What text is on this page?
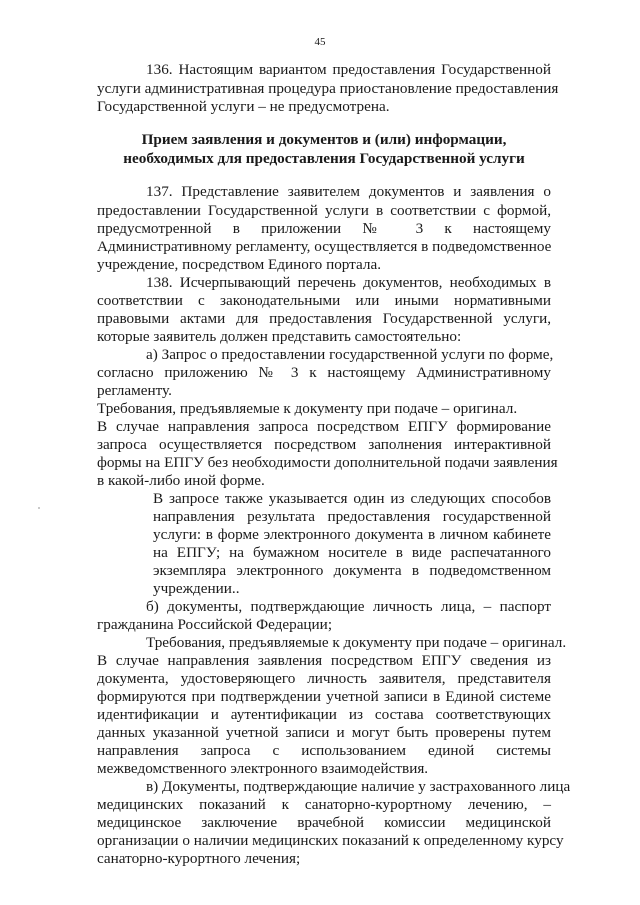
45
136. Настоящим вариантом предоставления Государственной
услуги административная процедура приостановление предоставления
Государственной услуги – не предусмотрена.
Прием заявления и документов и (или) информации,
необходимых для предоставления Государственной услуги
137. Представление заявителем документов и заявления о
предоставлении Государственной услуги в соответствии с формой,
предусмотренной в приложении № 3 к настоящему
Административному регламенту, осуществляется в подведомственное
учреждение, посредством Единого портала.
138. Исчерпывающий перечень документов, необходимых в
соответствии с законодательными или иными нормативными
правовыми актами для предоставления Государственной услуги,
которые заявитель должен представить самостоятельно:
а) Запрос о предоставлении государственной услуги по форме,
согласно приложению № 3 к настоящему Административному
регламенту.
Требования, предъявляемые к документу при подаче – оригинал.
В случае направления запроса посредством ЕПГУ формирование
запроса осуществляется посредством заполнения интерактивной
формы на ЕПГУ без необходимости дополнительной подачи заявления
в какой-либо иной форме.
В запросе также указывается один из следующих способов
направления результата предоставления государственной
услуги: в форме электронного документа в личном кабинете
на ЕПГУ; на бумажном носителе в виде распечатанного
экземпляра электронного документа в подведомственном
учреждении..
б) документы, подтверждающие личность лица, – паспорт
гражданина Российской Федерации;
Требования, предъявляемые к документу при подаче – оригинал.
В случае направления заявления посредством ЕПГУ сведения из
документа, удостоверяющего личность заявителя, представителя
формируются при подтверждении учетной записи в Единой системе
идентификации и аутентификации из состава соответствующих
данных указанной учетной записи и могут быть проверены путем
направления запроса с использованием единой системы
межведомственного электронного взаимодействия.
в) Документы, подтверждающие наличие у застрахованного лица
медицинских показаний к санаторно-курортному лечению, –
медицинское заключение врачебной комиссии медицинской
организации о наличии медицинских показаний к определенному курсу
санаторно-курортного лечения;
